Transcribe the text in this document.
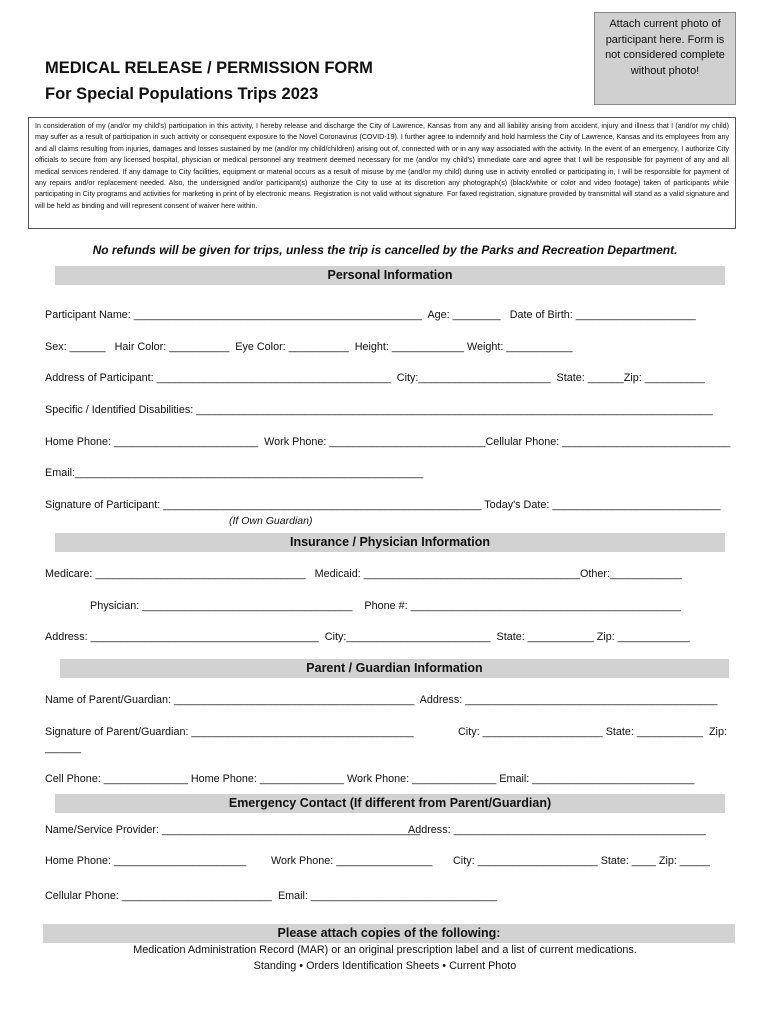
MEDICAL RELEASE / PERMISSION FORM
For Special Populations Trips 2023
Attach current photo of participant here. Form is not considered complete without photo!
In consideration of my (and/or my child's) participation in this activity, I hereby release and discharge the City of Lawrence, Kansas from any and all liability arising from accident, injury and illness that I (and/or my child) may suffer as a result of participation in such activity or consequent exposure to the Novel Coronavirus (COVID-19). I further agree to indemnify and hold harmless the City of Lawrence, Kansas and its employees from any and all claims resulting from injuries, damages and losses sustained by me (and/or my child/children) arising out of, connected with or in any way associated with the activity. In the event of an emergency, I authorize City officials to secure from any licensed hospital, physician or medical personnel any treatment deemed necessary for me (and/or my child's) immediate care and agree that I will be responsible for payment of any and all medical services rendered. If any damage to City facilities, equipment or material occurs as a result of misuse by me (and/or my child) during use in activity enrolled or participating in, I will be responsible for payment of any repairs and/or replacement needed. Also, the undersigned and/or participant(s) authorize the City to use at its discretion any photograph(s) (black/white or color and video footage) taken of participants while participating in City programs and activities for marketing in print of by electronic means. Registration is not valid without signature. For faxed registration, signature provided by transmittal will stand as a valid signature and will be held as binding and will represent consent of waiver here within.
No refunds will be given for trips, unless the trip is cancelled by the Parks and Recreation Department.
Personal Information
Participant Name: ________________________________________________  Age: ________   Date of Birth: ____________________
Sex: ______   Hair Color: __________  Eye Color: __________  Height: ____________ Weight: ___________
Address of Participant: _______________________________________  City:______________________  State: ______Zip: __________
Specific / Identified Disabilities: ______________________________________________________________________________________
Home Phone: ________________________  Work Phone: __________________________Cellular Phone: ____________________________
Email:__________________________________________________________
Signature of Participant: _____________________________________________________ Today's Date: ____________________________
(If Own Guardian)
Insurance / Physician Information
Medicare: ___________________________________   Medicaid: ____________________________________Other:____________
Physician: ___________________________________    Phone #: _____________________________________________
Address: ______________________________________  City:________________________  State: ___________ Zip: ____________
Parent / Guardian Information
Name of Parent/Guardian: ________________________________________  Address: __________________________________________
Signature of Parent/Guardian: _____________________________________	City: ____________________ State: ___________  Zip:
______
Cell Phone: ______________ Home Phone: ______________ Work Phone: ______________ Email: ___________________________
Emergency Contact (If different from Parent/Guardian)
Name/Service Provider: ___________________________________________
Address: __________________________________________
Home Phone: ______________________ Work Phone: ________________ City: ____________________ State: ____ Zip: _____
Cellular Phone: _________________________  Email: _______________________________
Please attach copies of the following:
Medication Administration Record (MAR) or an original prescription label and a list of current medications.
Standing • Orders Identification Sheets • Current Photo
